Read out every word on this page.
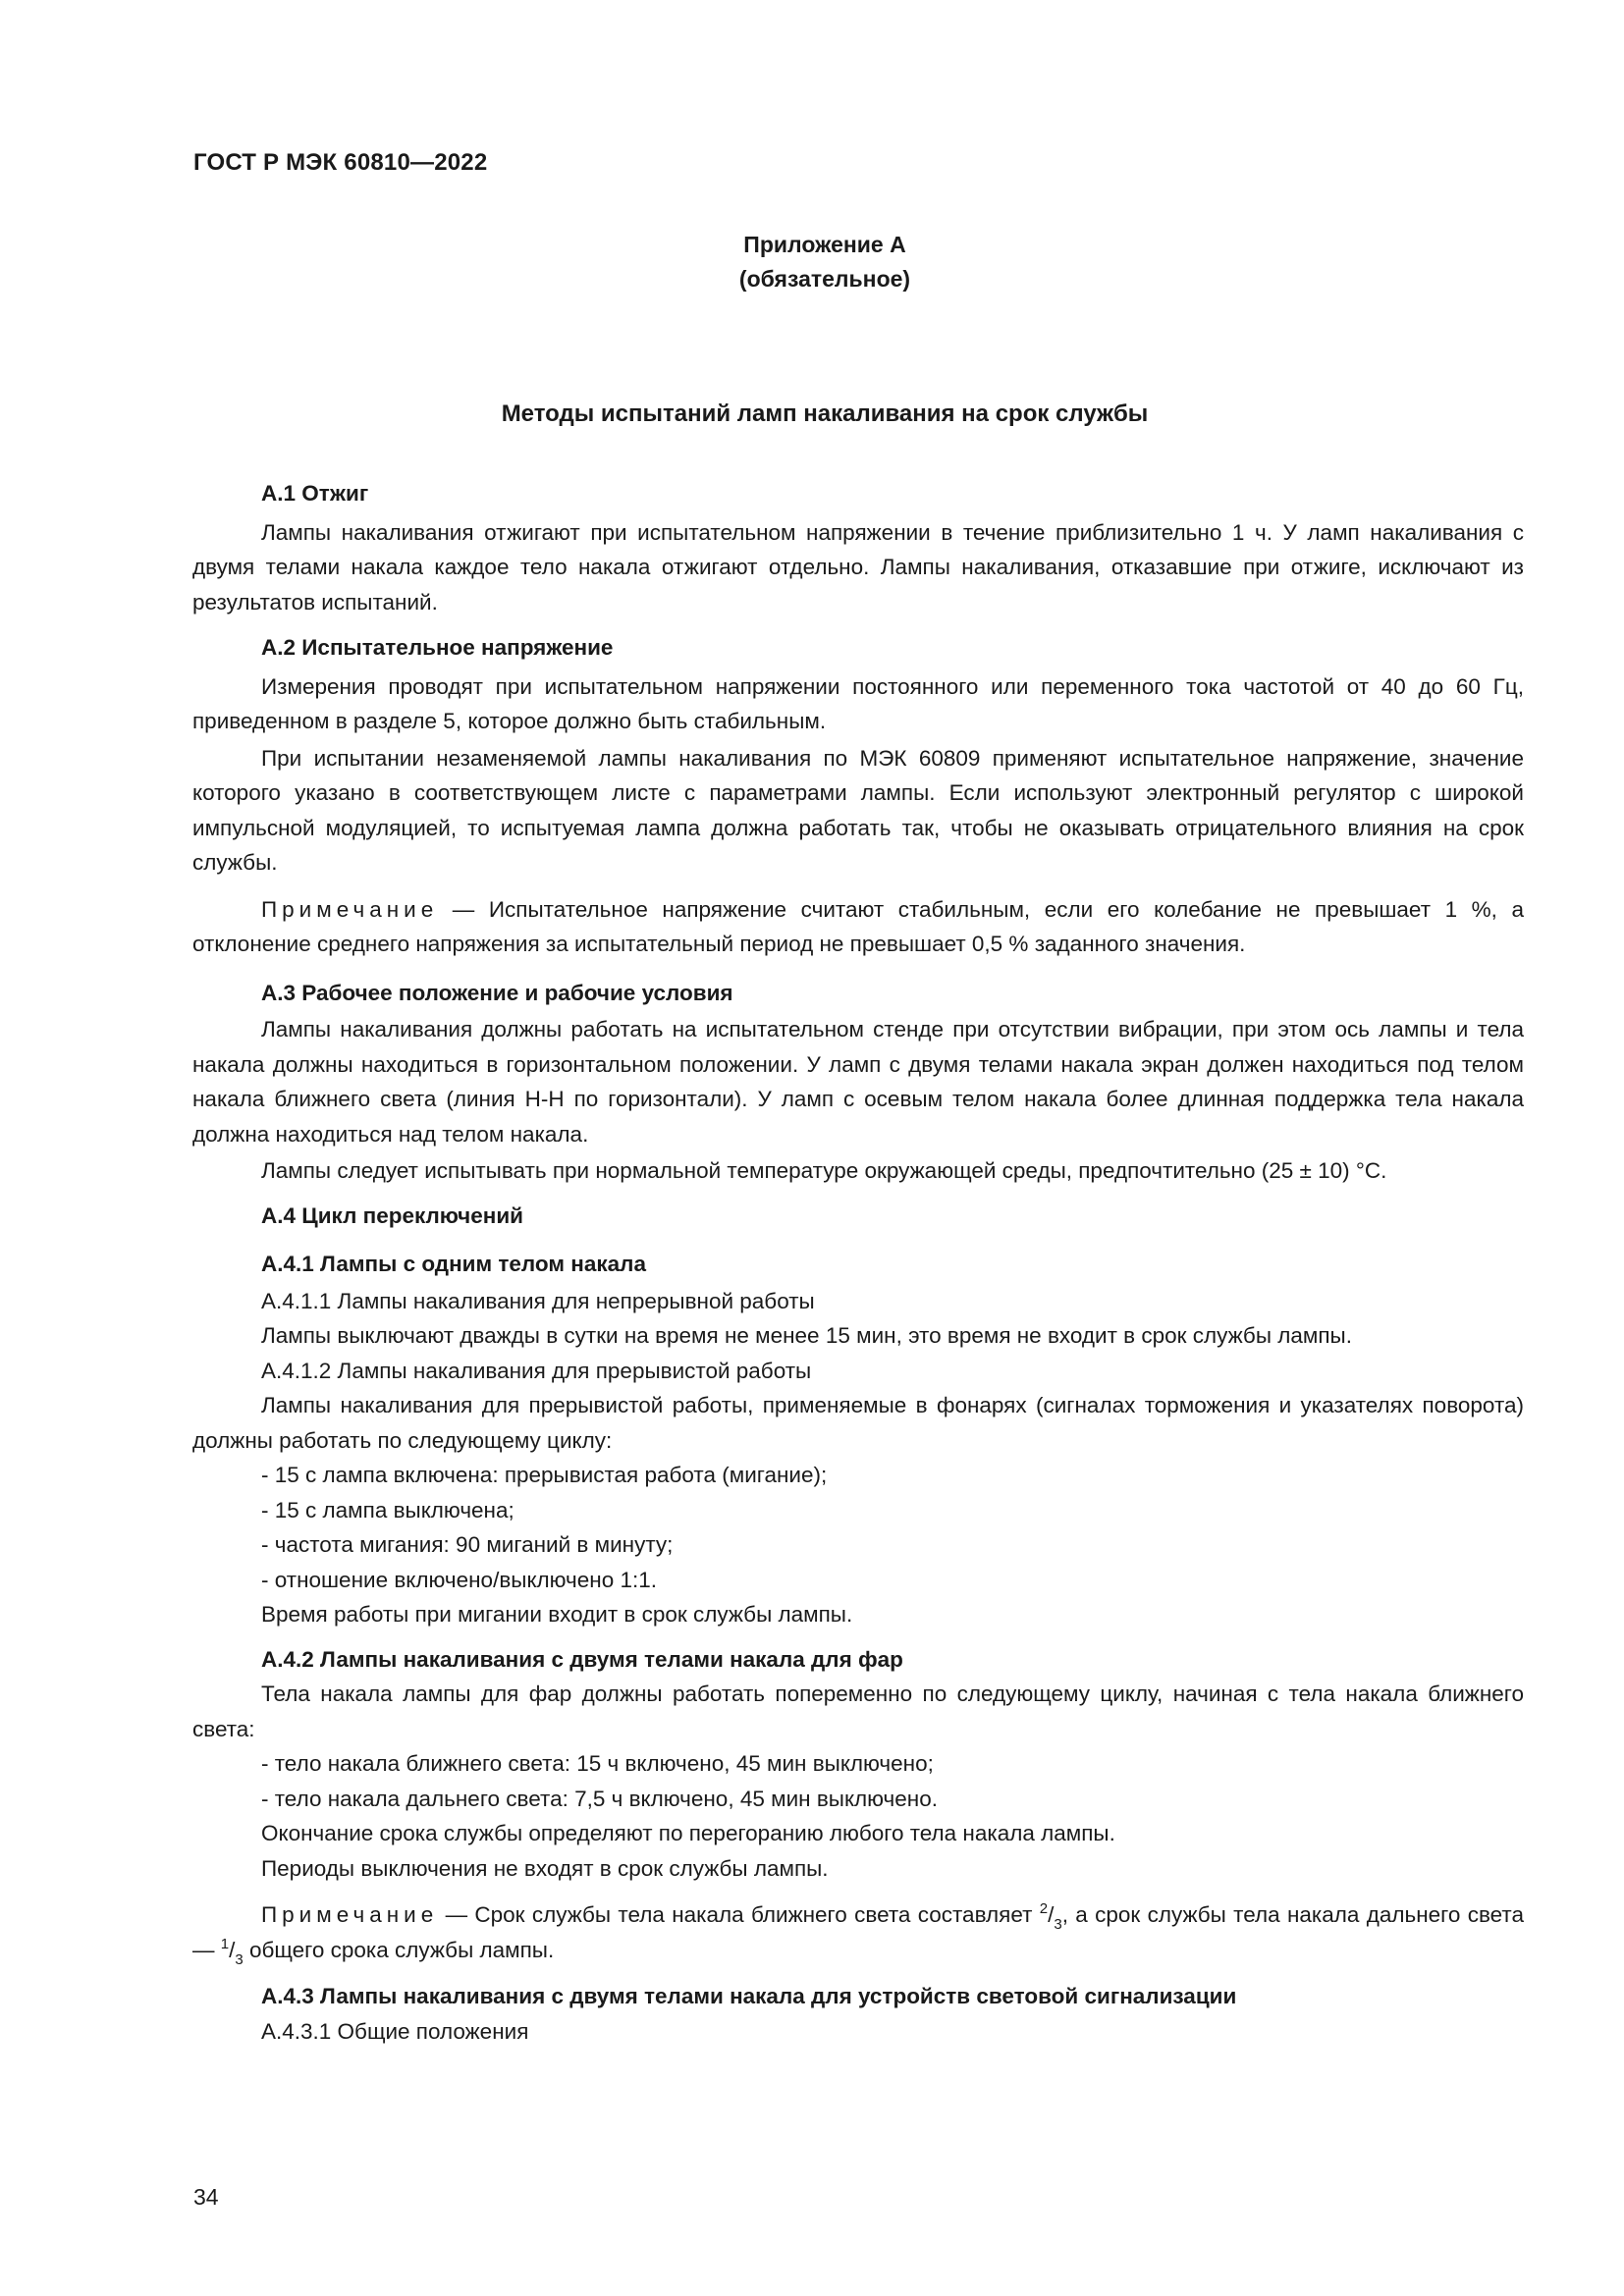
ГОСТ Р МЭК 60810—2022
Приложение А
(обязательное)
Методы испытаний ламп накаливания на срок службы
А.1 Отжиг
Лампы накаливания отжигают при испытательном напряжении в течение приблизительно 1 ч. У ламп накаливания с двумя телами накала каждое тело накала отжигают отдельно. Лампы накаливания, отказавшие при отжиге, исключают из результатов испытаний.
А.2 Испытательное напряжение
Измерения проводят при испытательном напряжении постоянного или переменного тока частотой от 40 до 60 Гц, приведенном в разделе 5, которое должно быть стабильным.
При испытании незаменяемой лампы накаливания по МЭК 60809 применяют испытательное напряжение, значение которого указано в соответствующем листе с параметрами лампы. Если используют электронный регулятор с широкой импульсной модуляцией, то испытуемая лампа должна работать так, чтобы не оказывать отрицательного влияния на срок службы.
Примечание — Испытательное напряжение считают стабильным, если его колебание не превышает 1 %, а отклонение среднего напряжения за испытательный период не превышает 0,5 % заданного значения.
А.3 Рабочее положение и рабочие условия
Лампы накаливания должны работать на испытательном стенде при отсутствии вибрации, при этом ось лампы и тела накала должны находиться в горизонтальном положении. У ламп с двумя телами накала экран должен находиться под телом накала ближнего света (линия H-H по горизонтали). У ламп с осевым телом накала более длинная поддержка тела накала должна находиться над телом накала.
Лампы следует испытывать при нормальной температуре окружающей среды, предпочтительно (25 ± 10) °С.
А.4 Цикл переключений
А.4.1 Лампы с одним телом накала
А.4.1.1 Лампы накаливания для непрерывной работы
Лампы выключают дважды в сутки на время не менее 15 мин, это время не входит в срок службы лампы.
А.4.1.2 Лампы накаливания для прерывистой работы
Лампы накаливания для прерывистой работы, применяемые в фонарях (сигналах торможения и указателях поворота) должны работать по следующему циклу:
- 15 с лампа включена: прерывистая работа (мигание);
- 15 с лампа выключена;
- частота мигания: 90 миганий в минуту;
- отношение включено/выключено 1:1.
Время работы при мигании входит в срок службы лампы.
А.4.2 Лампы накаливания с двумя телами накала для фар
Тела накала лампы для фар должны работать попеременно по следующему циклу, начиная с тела накала ближнего света:
- тело накала ближнего света: 15 ч включено, 45 мин выключено;
- тело накала дальнего света: 7,5 ч включено, 45 мин выключено.
Окончание срока службы определяют по перегоранию любого тела накала лампы.
Периоды выключения не входят в срок службы лампы.
Примечание — Срок службы тела накала ближнего света составляет $^2/_3$, а срок службы тела накала дальнего света — $^1/_3$ общего срока службы лампы.
А.4.3 Лампы накаливания с двумя телами накала для устройств световой сигнализации
А.4.3.1 Общие положения
34
